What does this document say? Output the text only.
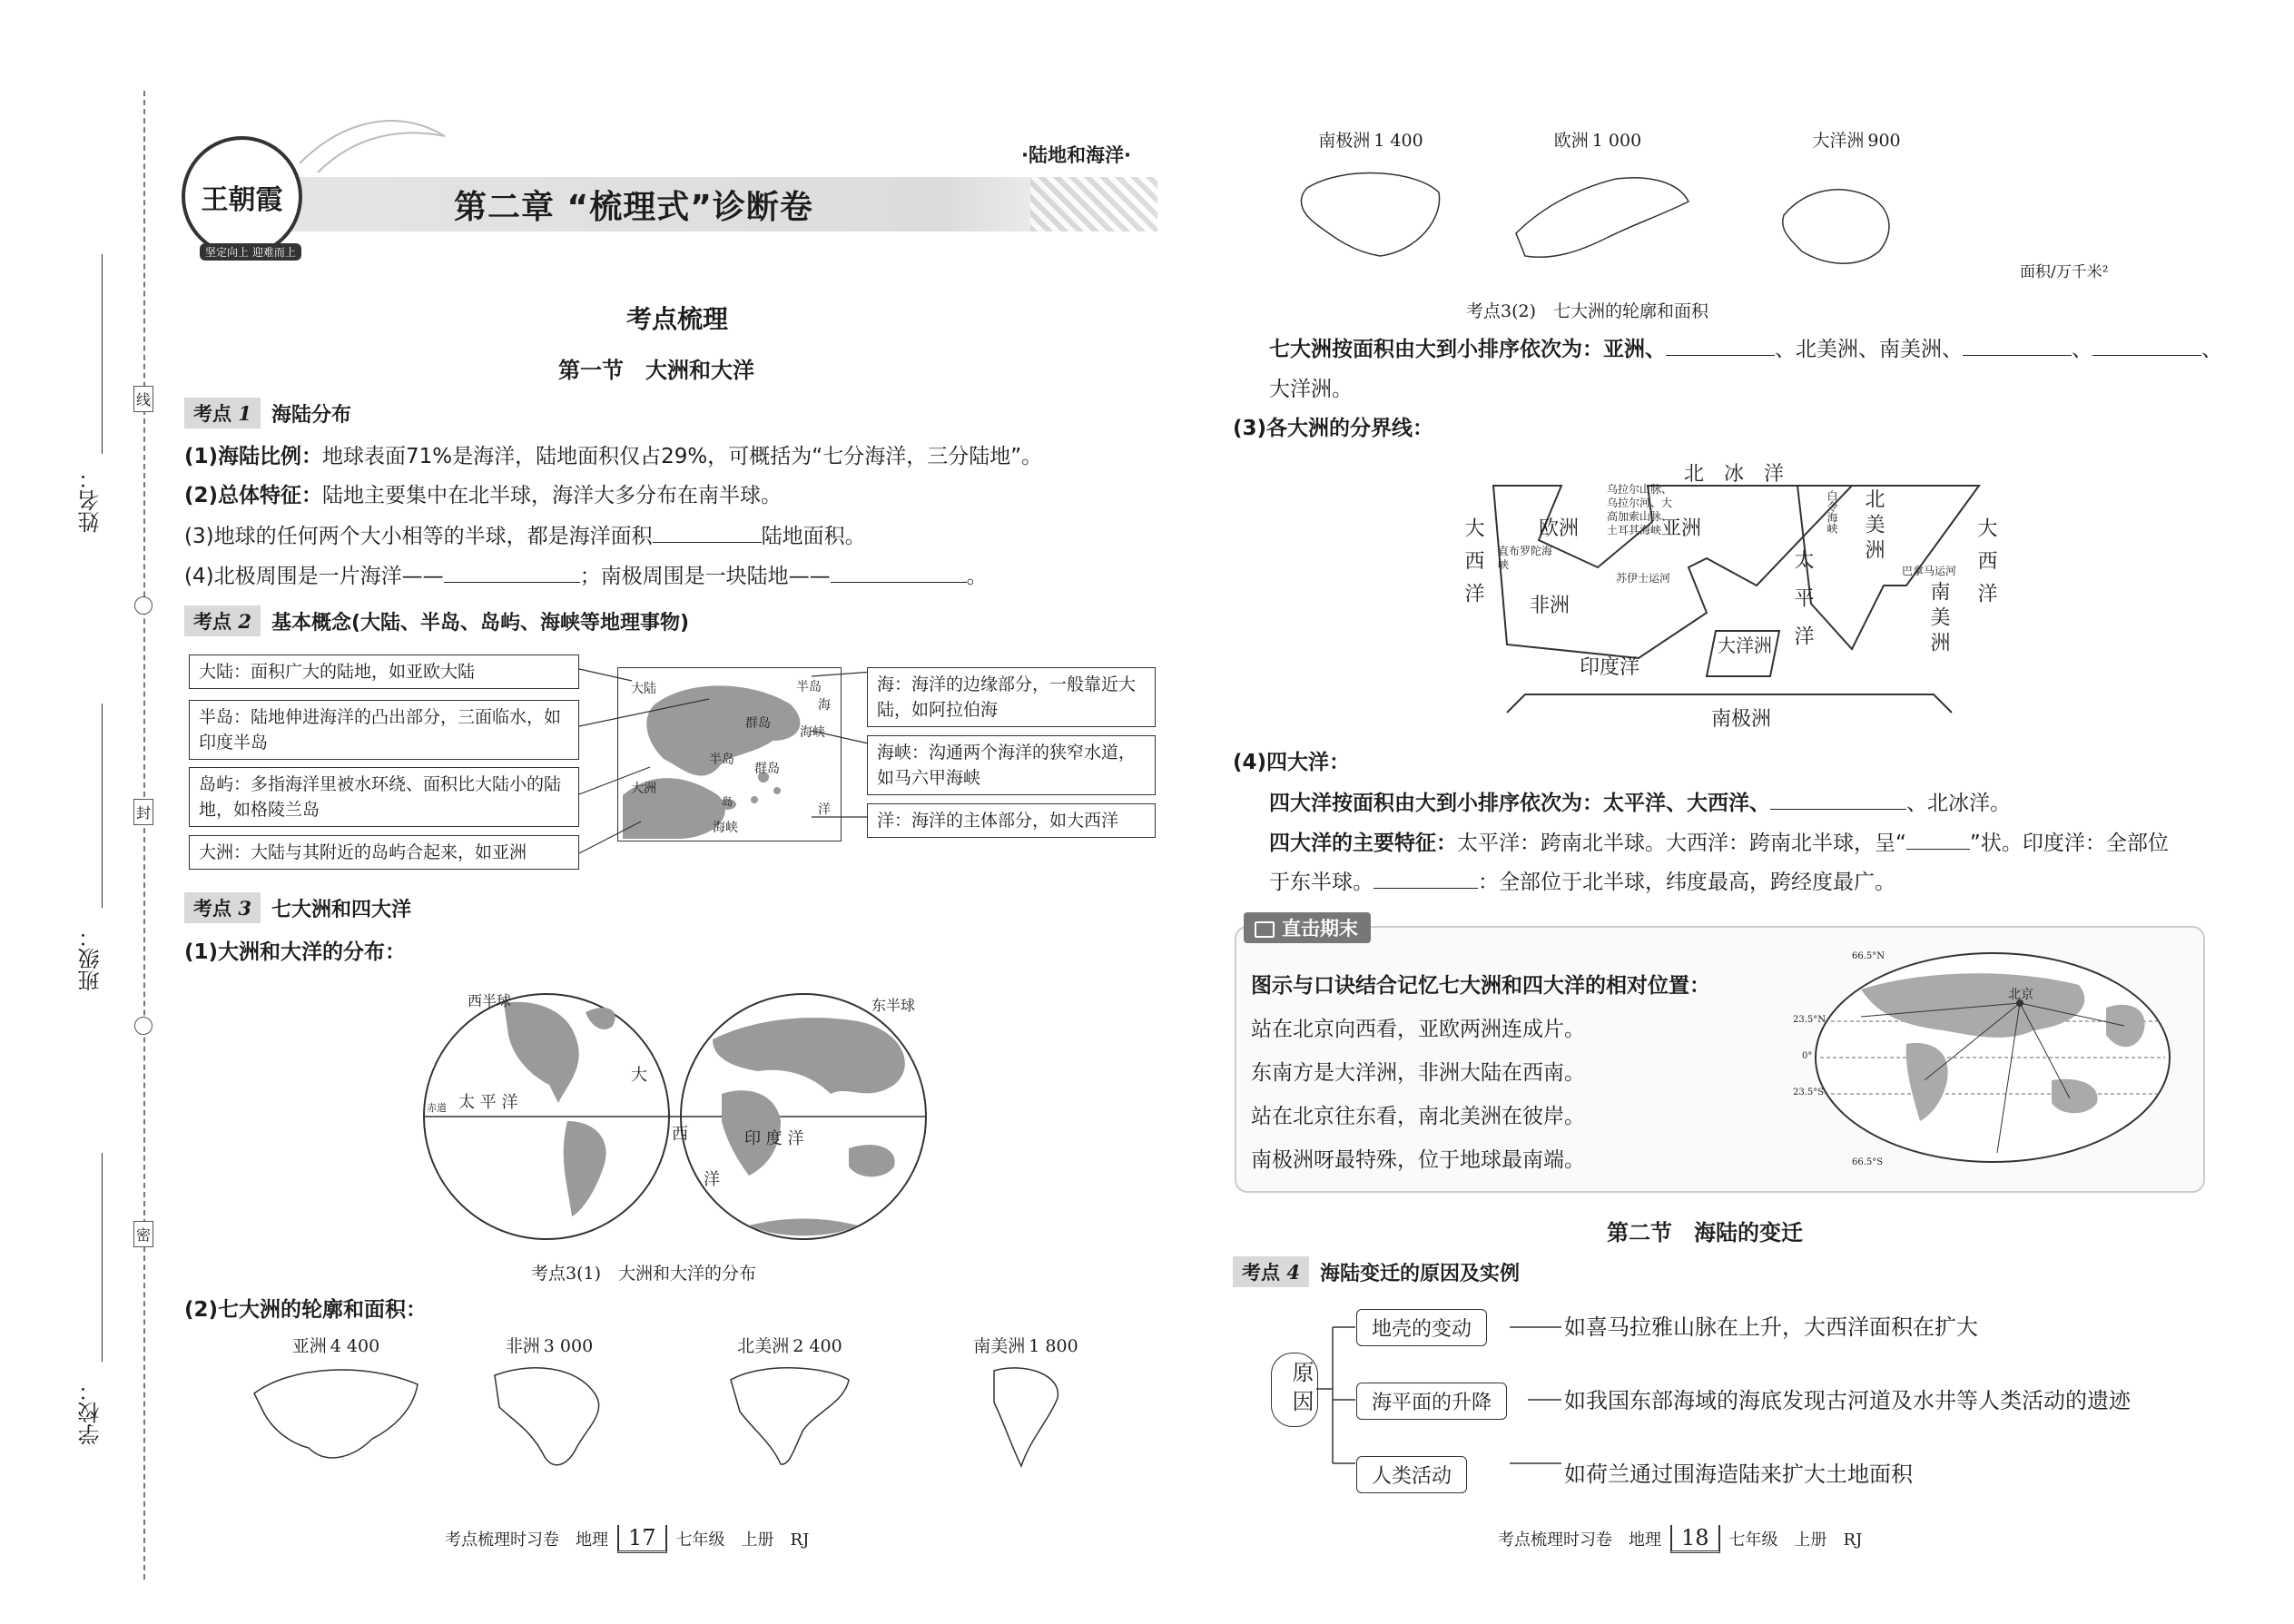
姓名：
班级：
学校：
线
封
密
王朝霞
坚定向上 迎难而上
第二章 “梳理式”诊断卷
·陆地和海洋·
考点梳理
第一节　大洲和大洋
考点 1	海陆分布
(1)海陆比例：地球表面71%是海洋，陆地面积仅占29%，可概括为“七分海洋，三分陆地”。
(2)总体特征：陆地主要集中在北半球，海洋大多分布在南半球。
(3)地球的任何两个大小相等的半球，都是海洋面积	陆地面积。
(4)北极周围是一片海洋——	；南极周围是一块陆地——	。
考点 2	基本概念(大陆、半岛、岛屿、海峡等地理事物)
大陆：面积广大的陆地，如亚欧大陆
半岛：陆地伸进海洋的凸出部分，三面临水，如印度半岛
岛屿：多指海洋里被水环绕、面积比大陆小的陆地，如格陵兰岛
大洲：大陆与其附近的岛屿合起来，如亚洲
大陆	半岛
海
群岛
海峡
半岛
群岛
大洲
岛
海峡
洋
海：海洋的边缘部分，一般靠近大陆，如阿拉伯海
海峡：沟通两个海洋的狭窄水道，如马六甲海峡
洋：海洋的主体部分，如大西洋
考点 3	七大洲和四大洋
(1)大洲和大洋的分布：
西半球	东半球
太 平 洋
大
西
洋
印 度 洋
赤道
考点3(1)　大洲和大洋的分布
(2)七大洲的轮廓和面积：
亚洲 4 400	非洲 3 000	北美洲 2 400	南美洲 1 800
考点梳理时习卷　地理 17 七年级　上册　RJ
南极洲 1 400	欧洲 1 000	大洋洲 900
面积/万千米²
考点3(2)　七大洲的轮廓和面积
七大洲按面积由大到小排序依次为：亚洲、	、北美洲、南美洲、	、	、
大洋洲。
(3)各大洲的分界线：
北　冰　洋
大西洋	大西洋
欧洲	亚洲
非洲
北美洲
南美洲
太平洋
印度洋
大洋洲
南极洲
乌拉尔山脉、乌拉尔河、大高加索山脉、土耳其海峡
直布罗陀海峡
苏伊士运河
白令海峡
巴拿马运河
(4)四大洋：
四大洋按面积由大到小排序依次为：太平洋、大西洋、	、北冰洋。
四大洋的主要特征：太平洋：跨南北半球。大西洋：跨南北半球，呈“	”状。印度洋：全部位
于东半球。	：全部位于北半球，纬度最高，跨经度最广。
直击期末
图示与口诀结合记忆七大洲和四大洋的相对位置：
站在北京向西看，亚欧两洲连成片。
东南方是大洋洲，非洲大陆在西南。
站在北京往东看，南北美洲在彼岸。
南极洲呀最特殊，位于地球最南端。
北京
66.5°N
23.5°N
0°
23.5°S
66.5°S
第二节　海陆的变迁
考点 4	海陆变迁的原因及实例
原因
地壳的变动	如喜马拉雅山脉在上升，大西洋面积在扩大
海平面的升降	如我国东部海域的海底发现古河道及水井等人类活动的遗迹
人类活动	如荷兰通过围海造陆来扩大土地面积
考点梳理时习卷　地理 18 七年级　上册　RJ
